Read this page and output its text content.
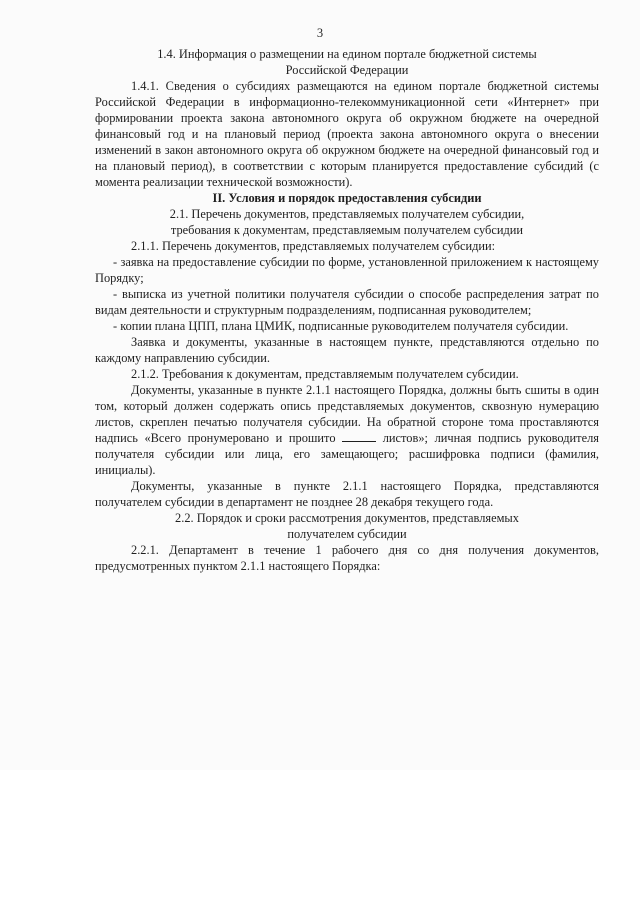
3

1.4. Информация о размещении на едином портале бюджетной системы
Российской Федерации

1.4.1. Сведения о субсидиях размещаются на едином портале бюджетной системы Российской Федерации в информационно-телекоммуникационной сети «Интернет» при формировании проекта закона автономного округа об окружном бюджете на очередной финансовый год и на плановый период (проекта закона автономного округа о внесении изменений в закон автономного округа об окружном бюджете на очередной финансовый год и на плановый период), в соответствии с которым планируется предоставление субсидий (с момента реализации технической возможности).

II. Условия и порядок предоставления субсидии

2.1. Перечень документов, представляемых получателем субсидии,
требования к документам, представляемым получателем субсидии

2.1.1. Перечень документов, представляемых получателем субсидии:

- заявка на предоставление субсидии по форме, установленной приложением к настоящему Порядку;

- выписка из учетной политики получателя субсидии о способе распределения затрат по видам деятельности и структурным подразделениям, подписанная руководителем;

- копии плана ЦПП, плана ЦМИК, подписанные руководителем получателя субсидии.

Заявка и документы, указанные в настоящем пункте, представляются отдельно по каждому направлению субсидии.

2.1.2. Требования к документам, представляемым получателем субсидии.

Документы, указанные в пункте 2.1.1 настоящего Порядка, должны быть сшиты в один том, который должен содержать опись представляемых документов, сквозную нумерацию листов, скреплен печатью получателя субсидии. На обратной стороне тома проставляются надпись «Всего пронумеровано и прошито	листов»; личная подпись руководителя получателя субсидии или лица, его замещающего; расшифровка подписи (фамилия, инициалы).

Документы, указанные в пункте 2.1.1 настоящего Порядка, представляются получателем субсидии в департамент не позднее 28 декабря текущего года.

2.2. Порядок и сроки рассмотрения документов, представляемых
получателем субсидии

2.2.1. Департамент в течение 1 рабочего дня со дня получения документов, предусмотренных пунктом 2.1.1 настоящего Порядка:
